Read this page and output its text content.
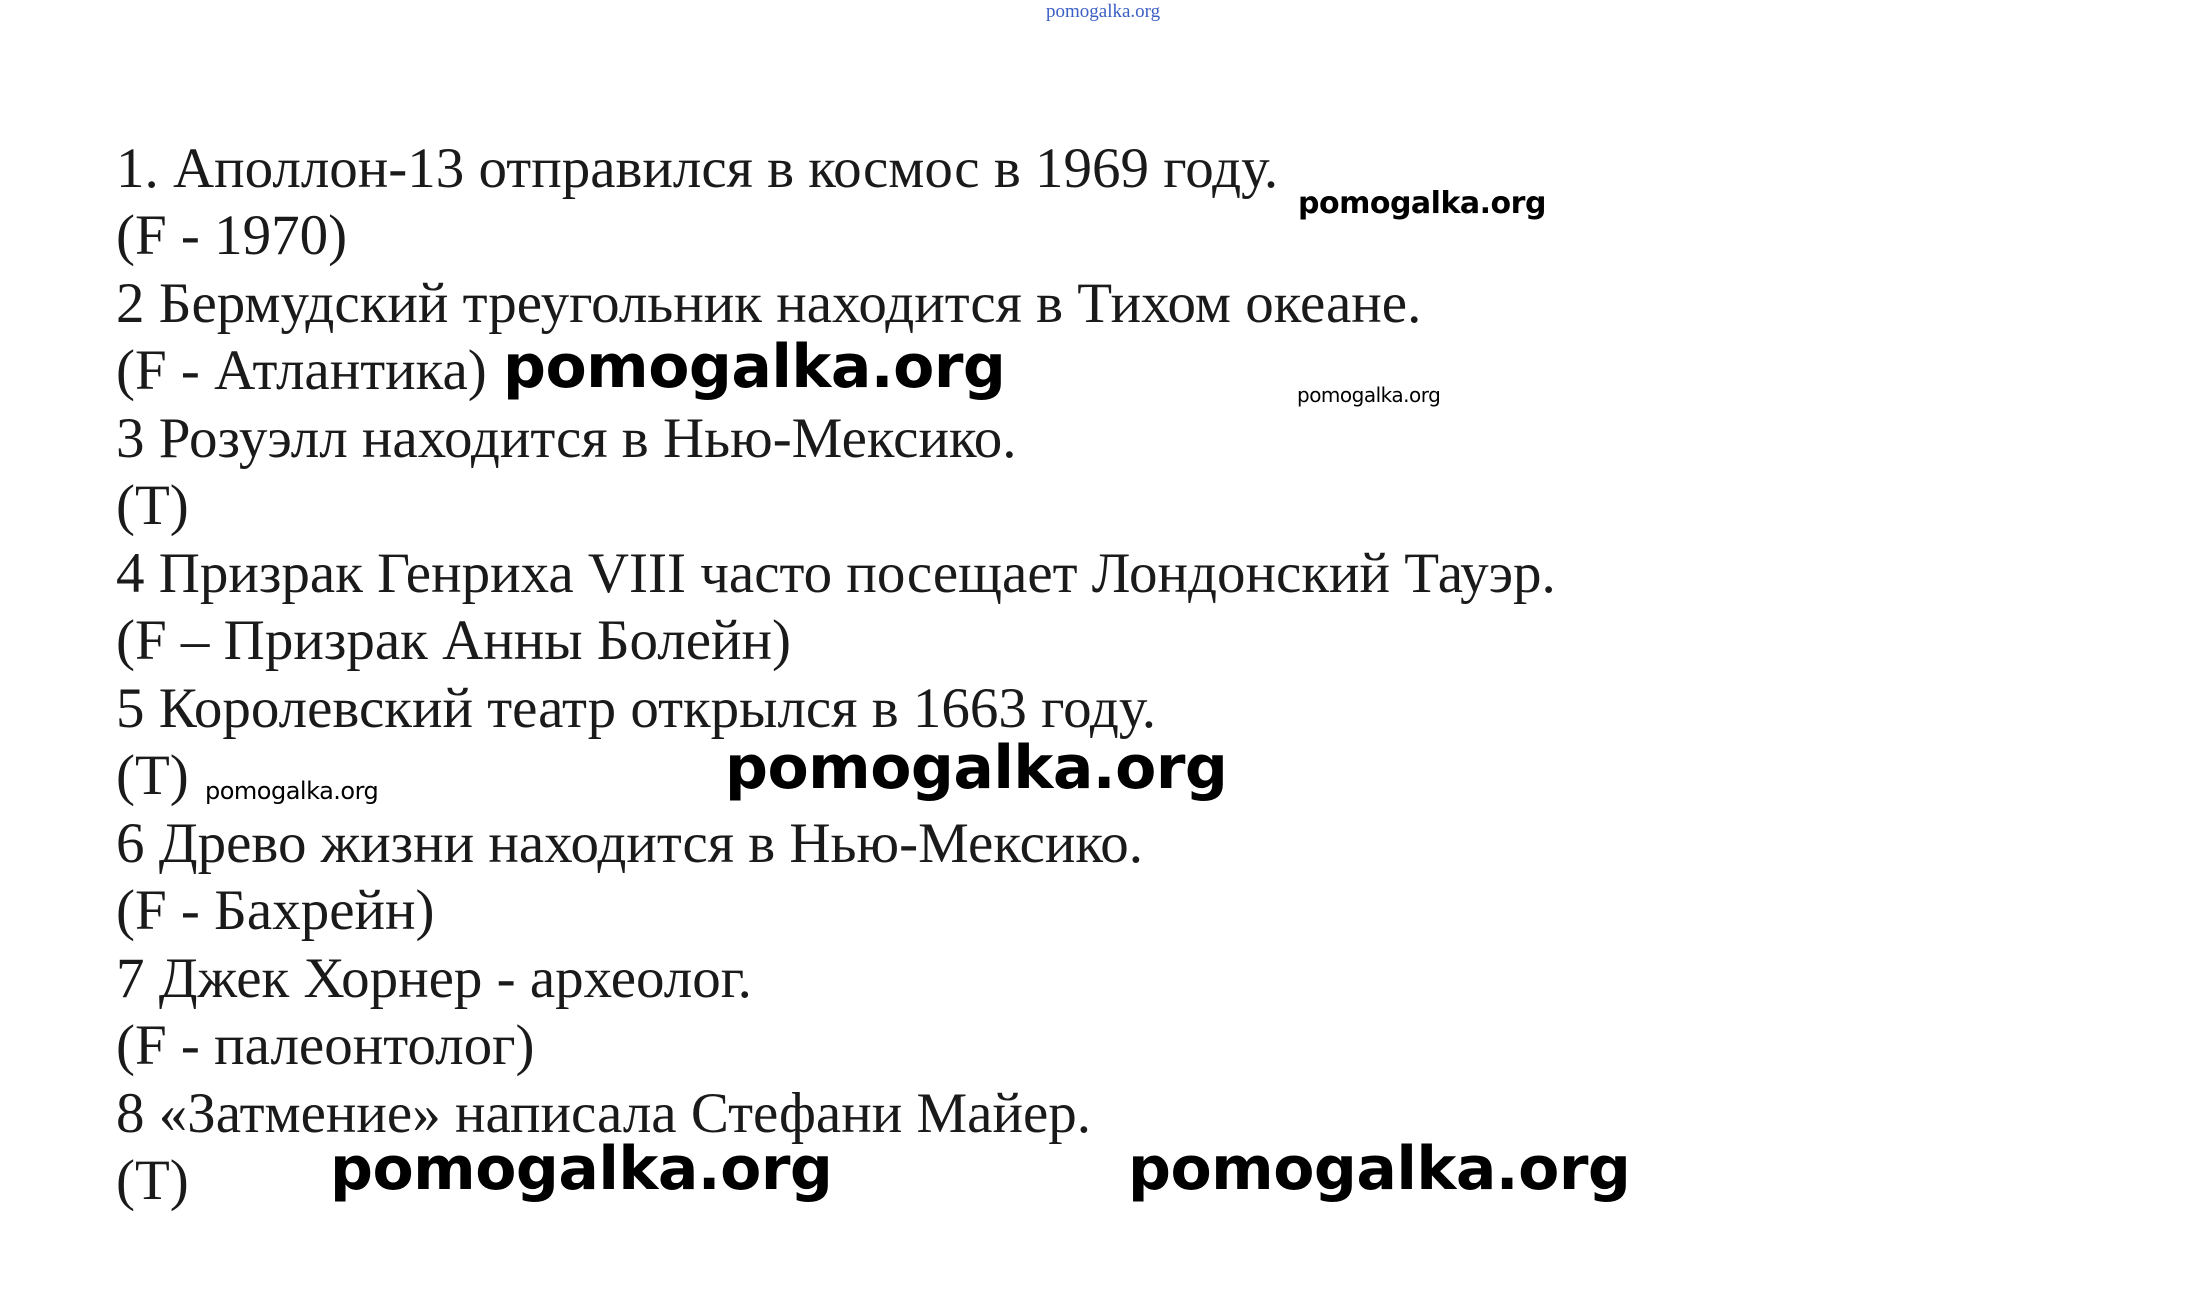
pomogalka.org

1. Аполлон-13 отправился в космос в 1969 году.

pomogalka.org

(F - 1970)

2 Бермудский треугольник находится в Тихом океане.

(F - Атлантика) pomogalka.org	pomogalka.org

3 Розуэлл находится в Нью-Мексико.

(T)

4 Призрак Генриха VIII часто посещает Лондонский Тауэр.

(F – Призрак Анны Болейн)

5 Королевский театр открылся в 1663 году.

(T) pomogalka.org	pomogalka.org

6 Древо жизни находится в Нью-Мексико.

(F - Бахрейн)

7 Джек Хорнер - археолог.

(F - палеонтолог)

8 «Затмение» написала Стефани Майер.

(T) pomogalka.org	pomogalka.org
